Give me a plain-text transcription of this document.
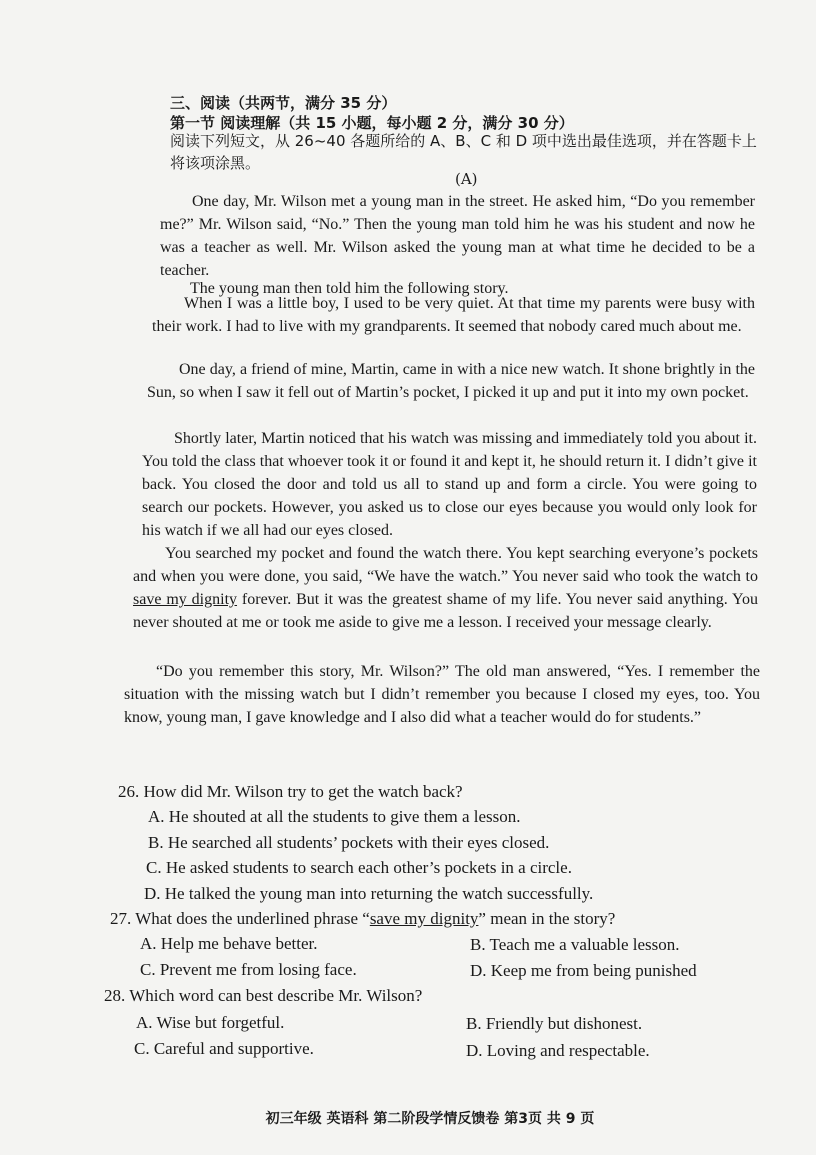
三、阅读（共两节，满分 35 分）
第一节 阅读理解（共 15 小题，每小题 2 分，满分 30 分）
阅读下列短文，从 26~40 各题所给的 A、B、C 和 D 项中选出最佳选项，并在答题卡上将该项涂黑。
(A)

One day, Mr. Wilson met a young man in the street. He asked him, “Do you remember me?” Mr. Wilson said, “No.” Then the young man told him he was his student and now he was a teacher as well. Mr. Wilson asked the young man at what time he decided to be a teacher.

The young man then told him the following story.

When I was a little boy, I used to be very quiet. At that time my parents were busy with their work. I had to live with my grandparents. It seemed that nobody cared much about me.

One day, a friend of mine, Martin, came in with a nice new watch. It shone brightly in the Sun, so when I saw it fell out of Martin’s pocket, I picked it up and put it into my own pocket.

Shortly later, Martin noticed that his watch was missing and immediately told you about it. You told the class that whoever took it or found it and kept it, he should return it. I didn’t give it back. You closed the door and told us all to stand up and form a circle. You were going to search our pockets. However, you asked us to close our eyes because you would only look for his watch if we all had our eyes closed.

You searched my pocket and found the watch there. You kept searching everyone’s pockets and when you were done, you said, “We have the watch.” You never said who took the watch to save my dignity forever. But it was the greatest shame of my life. You never said anything. You never shouted at me or took me aside to give me a lesson. I received your message clearly.

“Do you remember this story, Mr. Wilson?” The old man answered, “Yes. I remember the situation with the missing watch but I didn’t remember you because I closed my eyes, too. You know, young man, I gave knowledge and I also did what a teacher would do for students.”

26. How did Mr. Wilson try to get the watch back?
A. He shouted at all the students to give them a lesson.
B. He searched all students’ pockets with their eyes closed.
C. He asked students to search each other’s pockets in a circle.
D. He talked the young man into returning the watch successfully.
27. What does the underlined phrase “save my dignity” mean in the story?
A. Help me behave better.	B. Teach me a valuable lesson.
C. Prevent me from losing face.	D. Keep me from being punished
28. Which word can best describe Mr. Wilson?
A. Wise but forgetful.	B. Friendly but dishonest.
C. Careful and supportive.	D. Loving and respectable.
初三年级 英语科 第二阶段学情反馈卷 第3页 共 9 页
